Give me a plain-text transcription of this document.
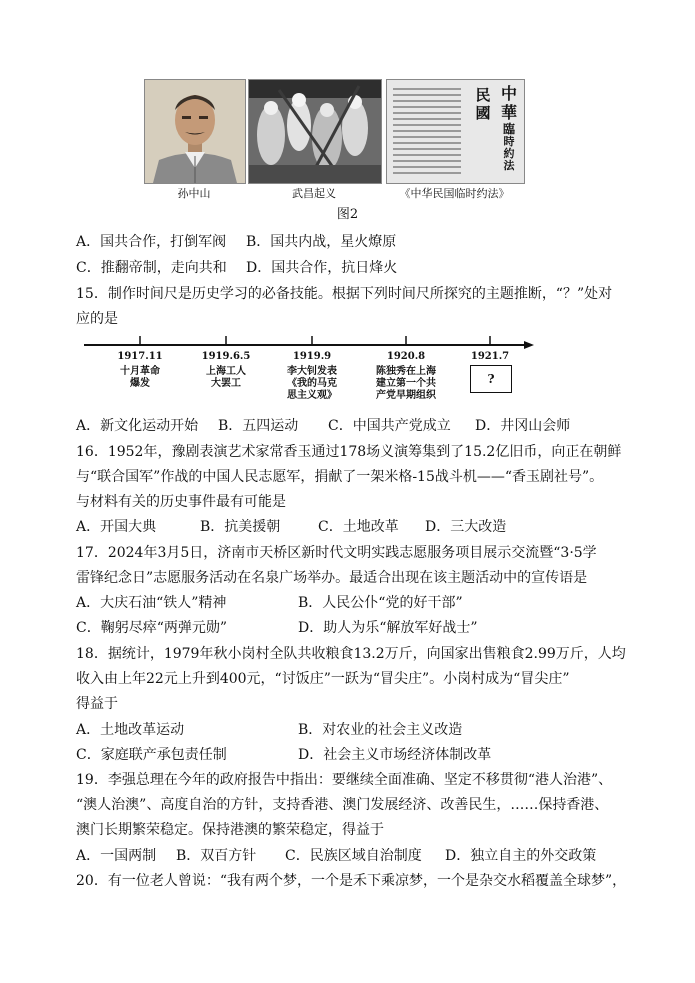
民
國
中
華
臨
時
約
法
孙中山	武昌起义	《中华民国临时约法》
图2
A．国共合作，打倒军阀 B．国共内战，星火燎原
C．推翻帝制，走向共和 D．国共合作，抗日烽火
15．制作时间尺是历史学习的必备技能。根据下列时间尺所探究的主题推断，“？”处对
应的是
1917.11	1919.6.5	1919.9	1920.8	1921.7
十月革命
爆发
上海工人
大罢工
李大钊发表
《我的马克
思主义观》
陈独秀在上海
建立第一个共
产党早期组织
?
A．新文化运动开始 B．五四运动 C．中国共产党成立 D．井冈山会师
16．1952年，豫剧表演艺术家常香玉通过178场义演筹集到了15.2亿旧币，向正在朝鲜
与“联合国军”作战的中国人民志愿军，捐献了一架米格-15战斗机——“香玉剧社号”。
与材料有关的历史事件最有可能是
A．开国大典	B．抗美援朝	C．土地改革 D．三大改造
17．2024年3月5日，济南市天桥区新时代文明实践志愿服务项目展示交流暨“3·5学
雷锋纪念日”志愿服务活动在名泉广场举办。最适合出现在该主题活动中的宣传语是
A．大庆石油“铁人”精神	B．人民公仆“党的好干部”
C．鞠躬尽瘁“两弹元勋”	D．助人为乐“解放军好战士”
18．据统计，1979年秋小岗村全队共收粮食13.2万斤，向国家出售粮食2.99万斤，人均
收入由上年22元上升到400元，“讨饭庄”一跃为“冒尖庄”。小岗村成为“冒尖庄”
得益于
A．土地改革运动	B．对农业的社会主义改造
C．家庭联产承包责任制	D．社会主义市场经济体制改革
19．李强总理在今年的政府报告中指出：要继续全面准确、坚定不移贯彻“港人治港”、
“澳人治澳”、高度自治的方针，支持香港、澳门发展经济、改善民生，……保持香港、
澳门长期繁荣稳定。保持港澳的繁荣稳定，得益于
A．一国两制 B．双百方针 C．民族区域自治制度 D．独立自主的外交政策
20．有一位老人曾说：“我有两个梦，一个是禾下乘凉梦，一个是杂交水稻覆盖全球梦”，
